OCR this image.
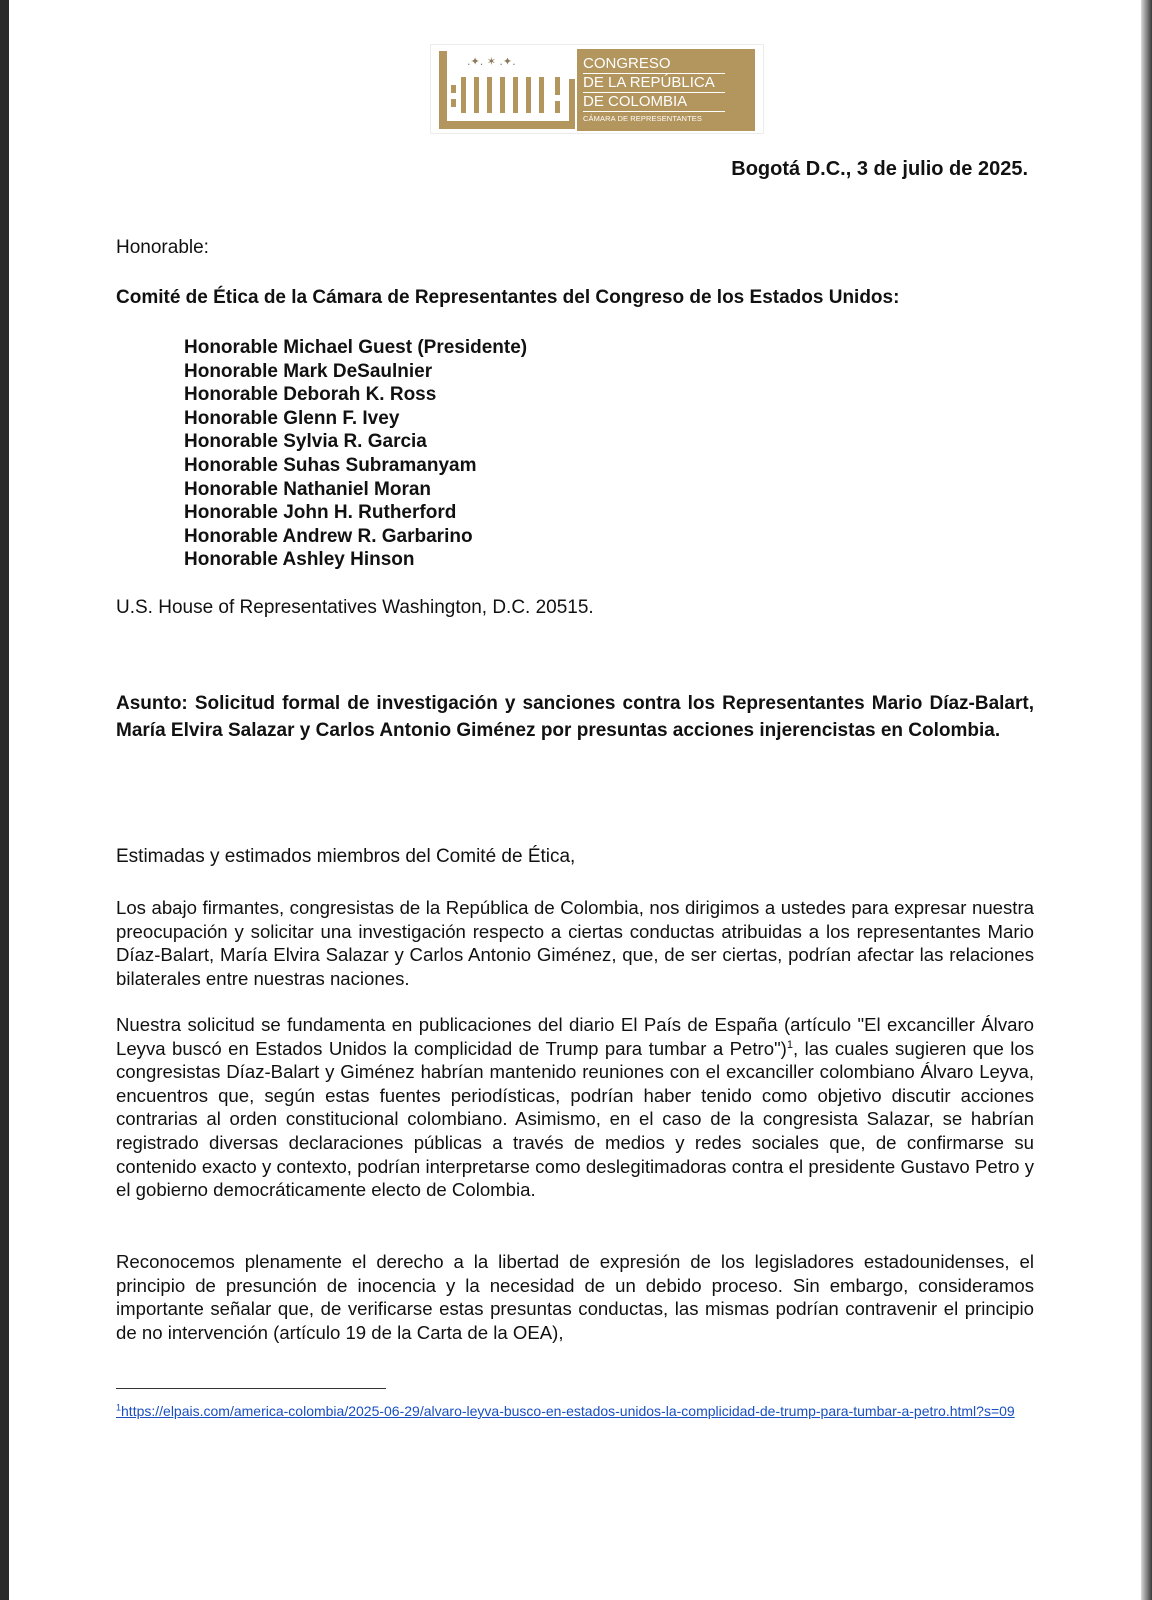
.✦. ✶ .✦.	CONGRESO
DE LA REPÚBLICA
DE COLOMBIA
CÁMARA DE REPRESENTANTES
Bogotá D.C., 3 de julio de 2025.
Honorable:
Comité de Ética de la Cámara de Representantes del Congreso de los Estados Unidos:
Honorable Michael Guest (Presidente)
Honorable Mark DeSaulnier
Honorable Deborah K. Ross
Honorable Glenn F. Ivey
Honorable Sylvia R. Garcia
Honorable Suhas Subramanyam
Honorable Nathaniel Moran
Honorable John H. Rutherford
Honorable Andrew R. Garbarino
Honorable Ashley Hinson
U.S. House of Representatives Washington, D.C. 20515.
Asunto: Solicitud formal de investigación y sanciones contra los Representantes Mario Díaz-Balart, María Elvira Salazar y Carlos Antonio Giménez por presuntas acciones injerencistas en Colombia.
Estimadas y estimados miembros del Comité de Ética,
Los abajo firmantes, congresistas de la República de Colombia, nos dirigimos a ustedes para expresar nuestra preocupación y solicitar una investigación respecto a ciertas conductas atribuidas a los representantes Mario Díaz-Balart, María Elvira Salazar y Carlos Antonio Giménez, que, de ser ciertas, podrían afectar las relaciones bilaterales entre nuestras naciones.
Nuestra solicitud se fundamenta en publicaciones del diario El País de España (artículo "El excanciller Álvaro Leyva buscó en Estados Unidos la complicidad de Trump para tumbar a Petro")$^1$, las cuales sugieren que los congresistas Díaz-Balart y Giménez habrían mantenido reuniones con el excanciller colombiano Álvaro Leyva, encuentros que, según estas fuentes periodísticas, podrían haber tenido como objetivo discutir acciones contrarias al orden constitucional colombiano. Asimismo, en el caso de la congresista Salazar, se habrían registrado diversas declaraciones públicas a través de medios y redes sociales que, de confirmarse su contenido exacto y contexto, podrían interpretarse como deslegitimadoras contra el presidente Gustavo Petro y el gobierno democráticamente electo de Colombia.
Reconocemos plenamente el derecho a la libertad de expresión de los legisladores estadounidenses, el principio de presunción de inocencia y la necesidad de un debido proceso. Sin embargo, consideramos importante señalar que, de verificarse estas presuntas conductas, las mismas podrían contravenir el principio de no intervención (artículo 19 de la Carta de la OEA),
$^1$https://elpais.com/america-colombia/2025-06-29/alvaro-leyva-busco-en-estados-unidos-la-complicidad-de-trump-para-tumbar-a-petro.html?s=09
